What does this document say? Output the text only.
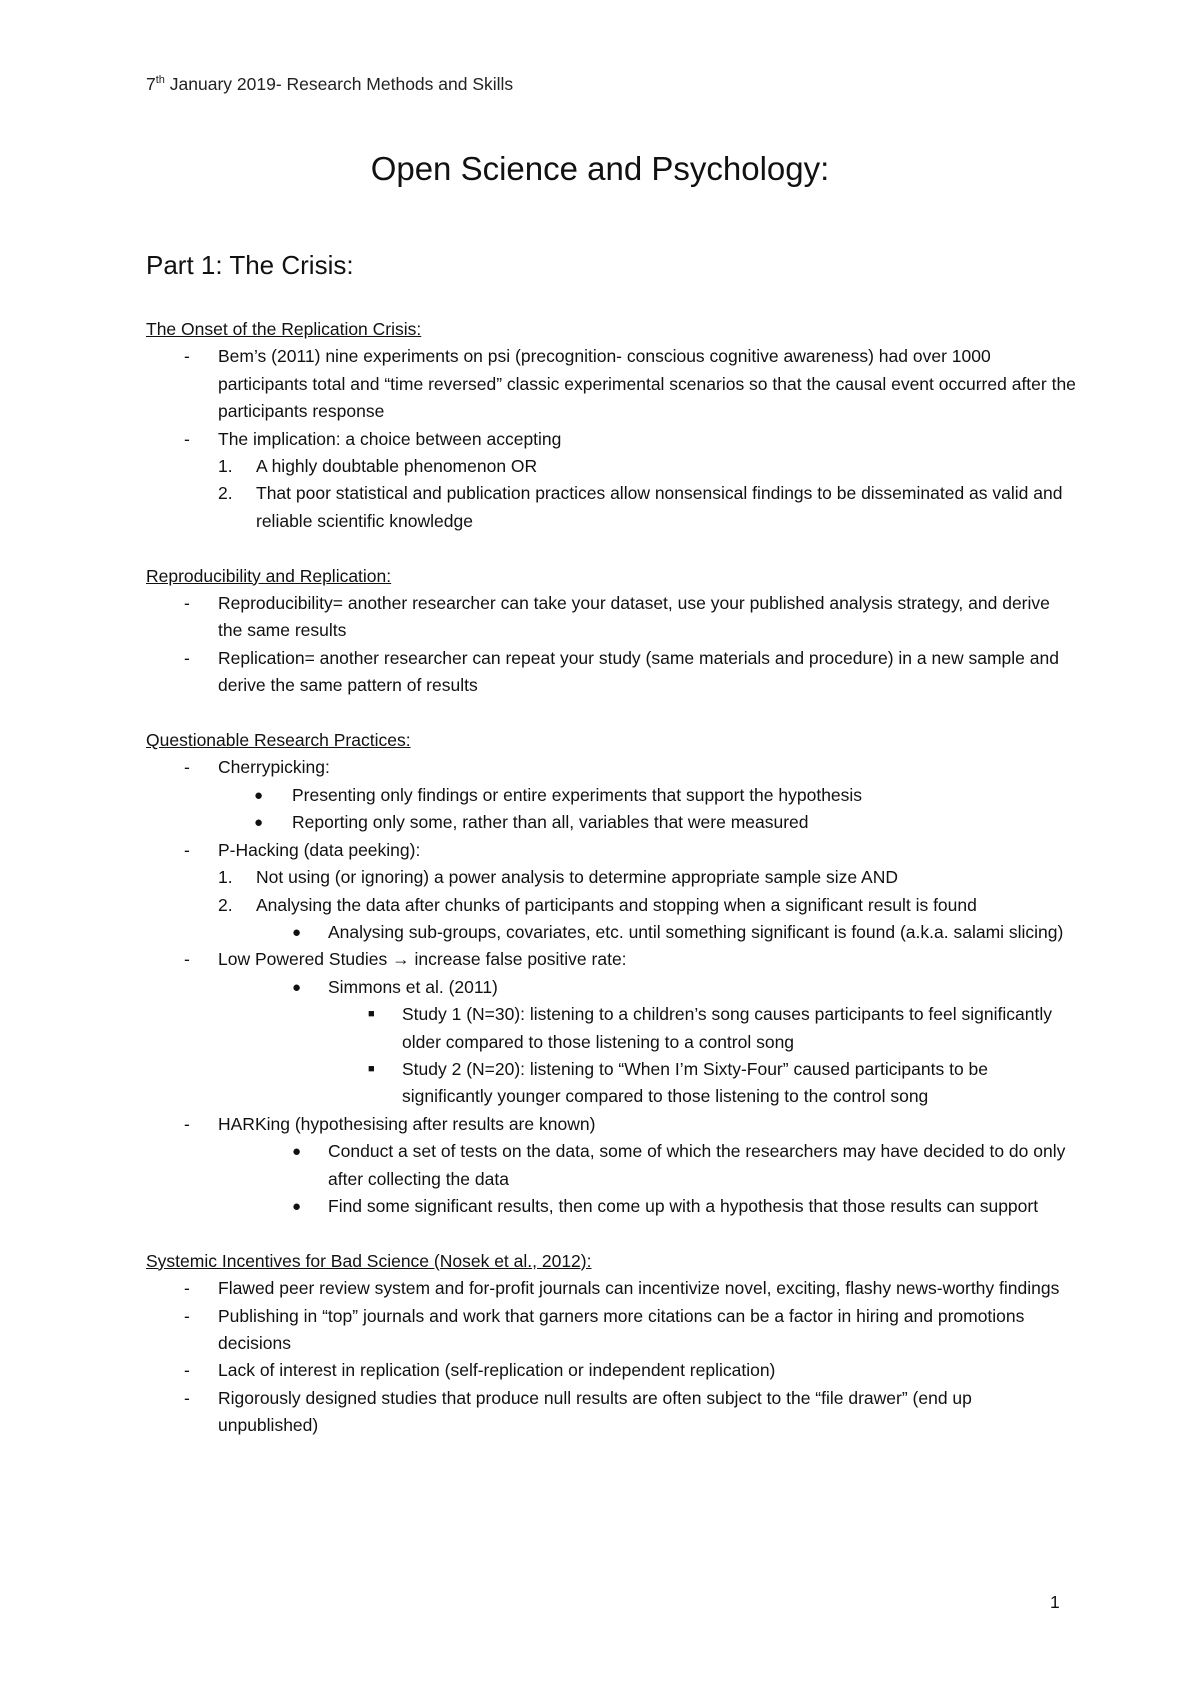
7th January 2019- Research Methods and Skills
Open Science and Psychology:
Part 1: The Crisis:
The Onset of the Replication Crisis:
- Bem’s (2011) nine experiments on psi (precognition- conscious cognitive awareness) had over 1000 participants total and “time reversed” classic experimental scenarios so that the causal event occurred after the participants response
- The implication: a choice between accepting
1. A highly doubtable phenomenon OR
2. That poor statistical and publication practices allow nonsensical findings to be disseminated as valid and reliable scientific knowledge
Reproducibility and Replication:
- Reproducibility= another researcher can take your dataset, use your published analysis strategy, and derive the same results
- Replication= another researcher can repeat your study (same materials and procedure) in a new sample and derive the same pattern of results
Questionable Research Practices:
- Cherrypicking:
● Presenting only findings or entire experiments that support the hypothesis
● Reporting only some, rather than all, variables that were measured
- P-Hacking (data peeking):
1. Not using (or ignoring) a power analysis to determine appropriate sample size AND
2. Analysing the data after chunks of participants and stopping when a significant result is found
● Analysing sub-groups, covariates, etc. until something significant is found (a.k.a. salami slicing)
- Low Powered Studies → increase false positive rate:
● Simmons et al. (2011)
■ Study 1 (N=30): listening to a children’s song causes participants to feel significantly older compared to those listening to a control song
■ Study 2 (N=20): listening to “When I’m Sixty-Four” caused participants to be significantly younger compared to those listening to the control song
- HARKing (hypothesising after results are known)
● Conduct a set of tests on the data, some of which the researchers may have decided to do only after collecting the data
● Find some significant results, then come up with a hypothesis that those results can support
Systemic Incentives for Bad Science (Nosek et al., 2012):
- Flawed peer review system and for-profit journals can incentivize novel, exciting, flashy news-worthy findings
- Publishing in “top” journals and work that garners more citations can be a factor in hiring and promotions decisions
- Lack of interest in replication (self-replication or independent replication)
- Rigorously designed studies that produce null results are often subject to the “file drawer” (end up unpublished)
1
